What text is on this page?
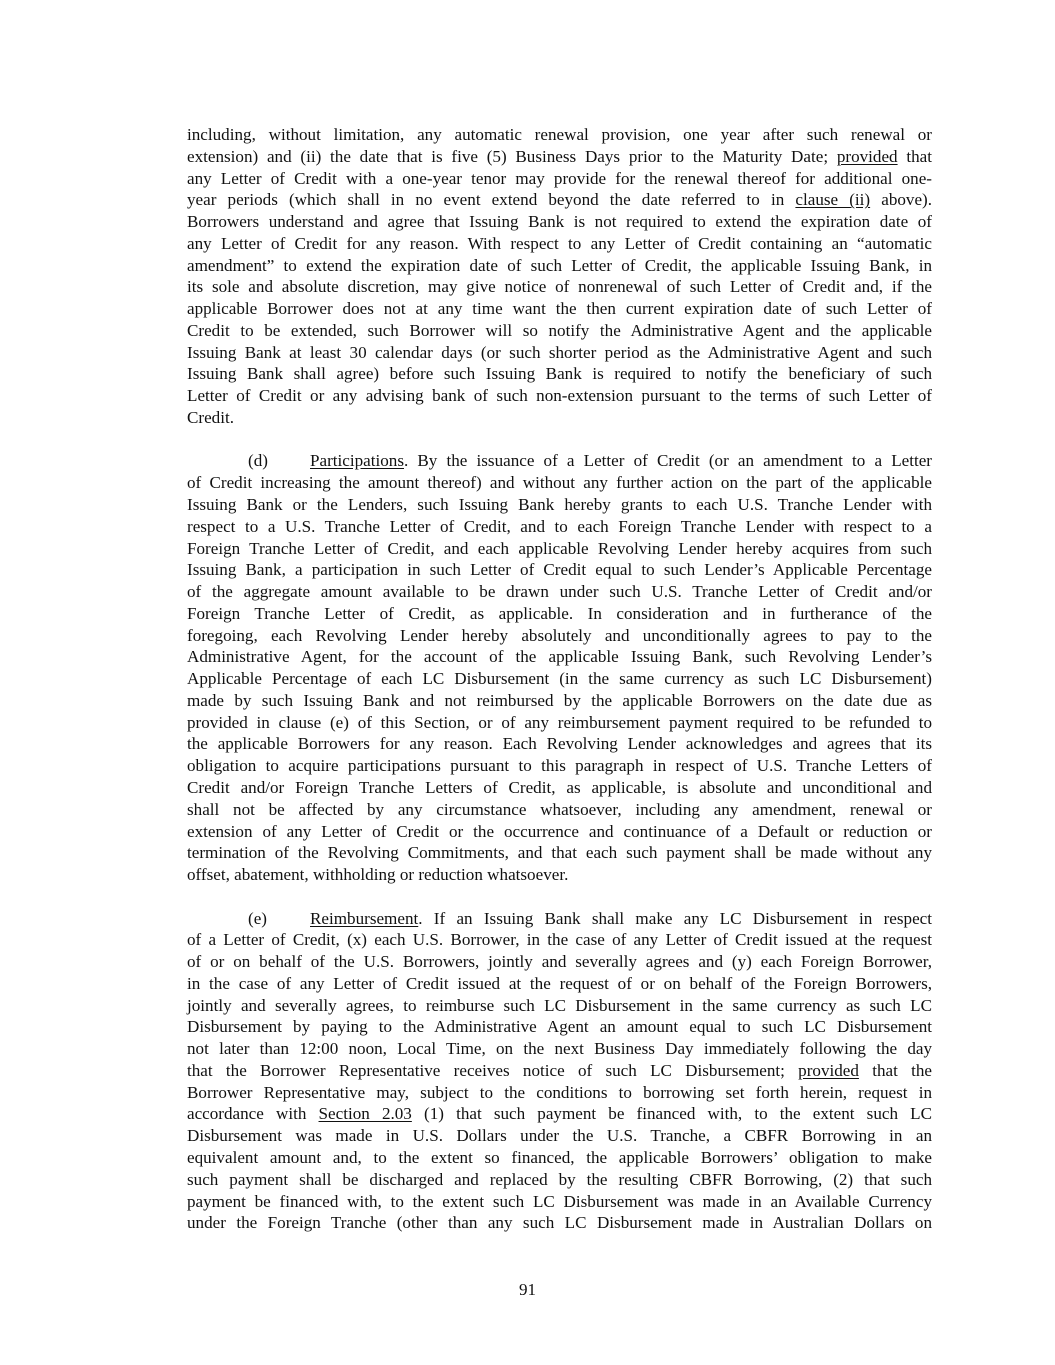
including, without limitation, any automatic renewal provision, one year after such renewal or
extension) and (ii) the date that is five (5) Business Days prior to the Maturity Date; provided that
any Letter of Credit with a one-year tenor may provide for the renewal thereof for additional one-
year periods (which shall in no event extend beyond the date referred to in clause (ii) above).
Borrowers understand and agree that Issuing Bank is not required to extend the expiration date of
any Letter of Credit for any reason. With respect to any Letter of Credit containing an “automatic
amendment” to extend the expiration date of such Letter of Credit, the applicable Issuing Bank, in
its sole and absolute discretion, may give notice of nonrenewal of such Letter of Credit and, if the
applicable Borrower does not at any time want the then current expiration date of such Letter of
Credit to be extended, such Borrower will so notify the Administrative Agent and the applicable
Issuing Bank at least 30 calendar days (or such shorter period as the Administrative Agent and such
Issuing Bank shall agree) before such Issuing Bank is required to notify the beneficiary of such
Letter of Credit or any advising bank of such non-extension pursuant to the terms of such Letter of
Credit.
(d) Participations. By the issuance of a Letter of Credit (or an amendment to a Letter
of Credit increasing the amount thereof) and without any further action on the part of the applicable
Issuing Bank or the Lenders, such Issuing Bank hereby grants to each U.S. Tranche Lender with
respect to a U.S. Tranche Letter of Credit, and to each Foreign Tranche Lender with respect to a
Foreign Tranche Letter of Credit, and each applicable Revolving Lender hereby acquires from such
Issuing Bank, a participation in such Letter of Credit equal to such Lender’s Applicable Percentage
of the aggregate amount available to be drawn under such U.S. Tranche Letter of Credit and/or
Foreign Tranche Letter of Credit, as applicable. In consideration and in furtherance of the
foregoing, each Revolving Lender hereby absolutely and unconditionally agrees to pay to the
Administrative Agent, for the account of the applicable Issuing Bank, such Revolving Lender’s
Applicable Percentage of each LC Disbursement (in the same currency as such LC Disbursement)
made by such Issuing Bank and not reimbursed by the applicable Borrowers on the date due as
provided in clause (e) of this Section, or of any reimbursement payment required to be refunded to
the applicable Borrowers for any reason. Each Revolving Lender acknowledges and agrees that its
obligation to acquire participations pursuant to this paragraph in respect of U.S. Tranche Letters of
Credit and/or Foreign Tranche Letters of Credit, as applicable, is absolute and unconditional and
shall not be affected by any circumstance whatsoever, including any amendment, renewal or
extension of any Letter of Credit or the occurrence and continuance of a Default or reduction or
termination of the Revolving Commitments, and that each such payment shall be made without any
offset, abatement, withholding or reduction whatsoever.
(e)	Reimbursement. If an Issuing Bank shall make any LC Disbursement in respect
of a Letter of Credit, (x) each U.S. Borrower, in the case of any Letter of Credit issued at the request
of or on behalf of the U.S. Borrowers, jointly and severally agrees and (y) each Foreign Borrower,
in the case of any Letter of Credit issued at the request of or on behalf of the Foreign Borrowers,
jointly and severally agrees, to reimburse such LC Disbursement in the same currency as such LC
Disbursement by paying to the Administrative Agent an amount equal to such LC Disbursement
not later than 12:00 noon, Local Time, on the next Business Day immediately following the day
that the Borrower Representative receives notice of such LC Disbursement; provided that the
Borrower Representative may, subject to the conditions to borrowing set forth herein, request in
accordance with Section 2.03 (1) that such payment be financed with, to the extent such LC
Disbursement was made in U.S. Dollars under the U.S. Tranche, a CBFR Borrowing in an
equivalent amount and, to the extent so financed, the applicable Borrowers’ obligation to make
such payment shall be discharged and replaced by the resulting CBFR Borrowing, (2) that such
payment be financed with, to the extent such LC Disbursement was made in an Available Currency
under the Foreign Tranche (other than any such LC Disbursement made in Australian Dollars on
91
